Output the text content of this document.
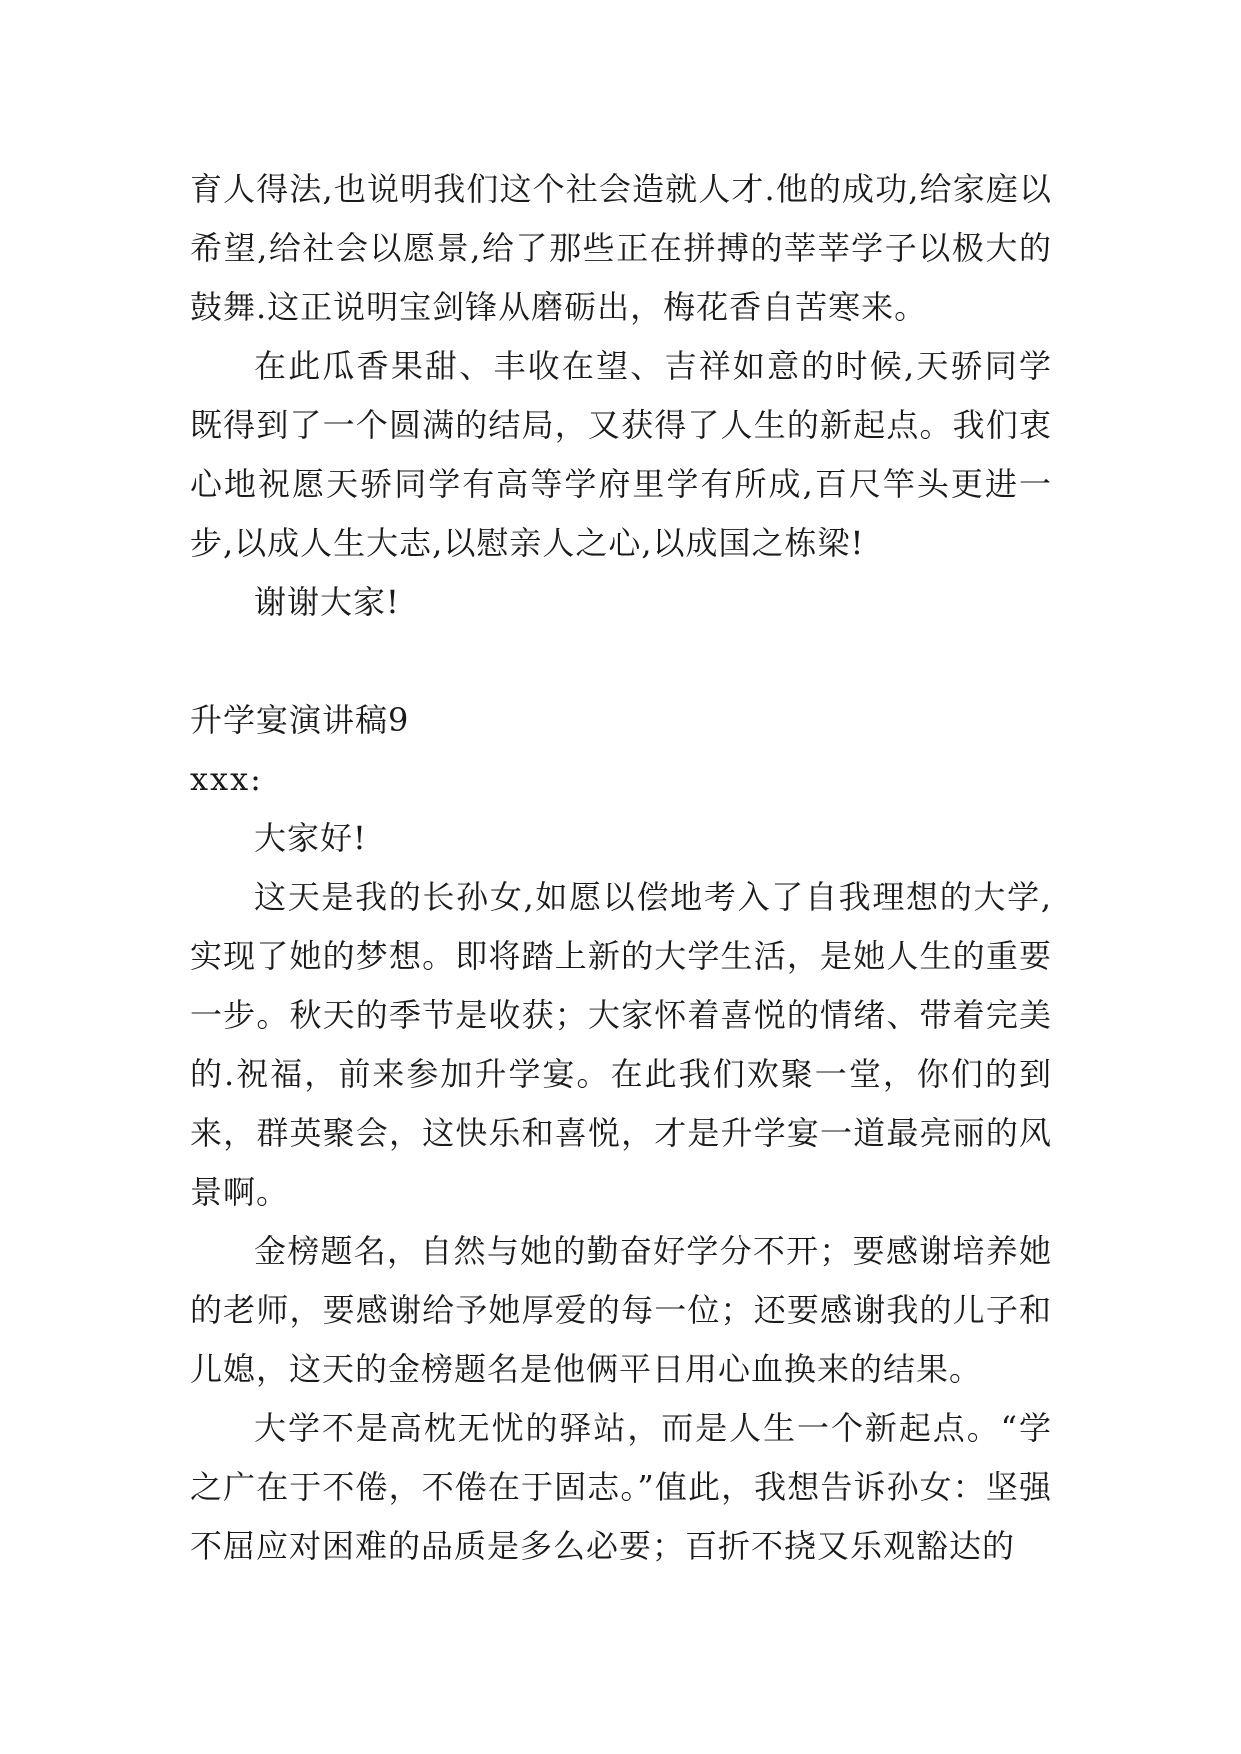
育人得法,也说明我们这个社会造就人才.他的成功,给家庭以希望,给社会以愿景,给了那些正在拼搏的莘莘学子以极大的鼓舞.这正说明宝剑锋从磨砺出，梅花香自苦寒来。

在此瓜香果甜、丰收在望、吉祥如意的时候,天骄同学既得到了一个圆满的结局，又获得了人生的新起点。我们衷心地祝愿天骄同学有高等学府里学有所成,百尺竿头更进一步,以成人生大志,以慰亲人之心,以成国之栋梁!

谢谢大家!

升学宴演讲稿9

xxx:

大家好!

这天是我的长孙女,如愿以偿地考入了自我理想的大学,实现了她的梦想。即将踏上新的大学生活，是她人生的重要一步。秋天的季节是收获；大家怀着喜悦的情绪、带着完美的.祝福，前来参加升学宴。在此我们欢聚一堂，你们的到来，群英聚会，这快乐和喜悦，才是升学宴一道最亮丽的风景啊。

金榜题名，自然与她的勤奋好学分不开；要感谢培养她的老师，要感谢给予她厚爱的每一位；还要感谢我的儿子和儿媳，这天的金榜题名是他俩平日用心血换来的结果。

大学不是高枕无忧的驿站，而是人生一个新起点。“学之广在于不倦，不倦在于固志。”值此，我想告诉孙女：坚强不屈应对困难的品质是多么必要；百折不挠又乐观豁达的
